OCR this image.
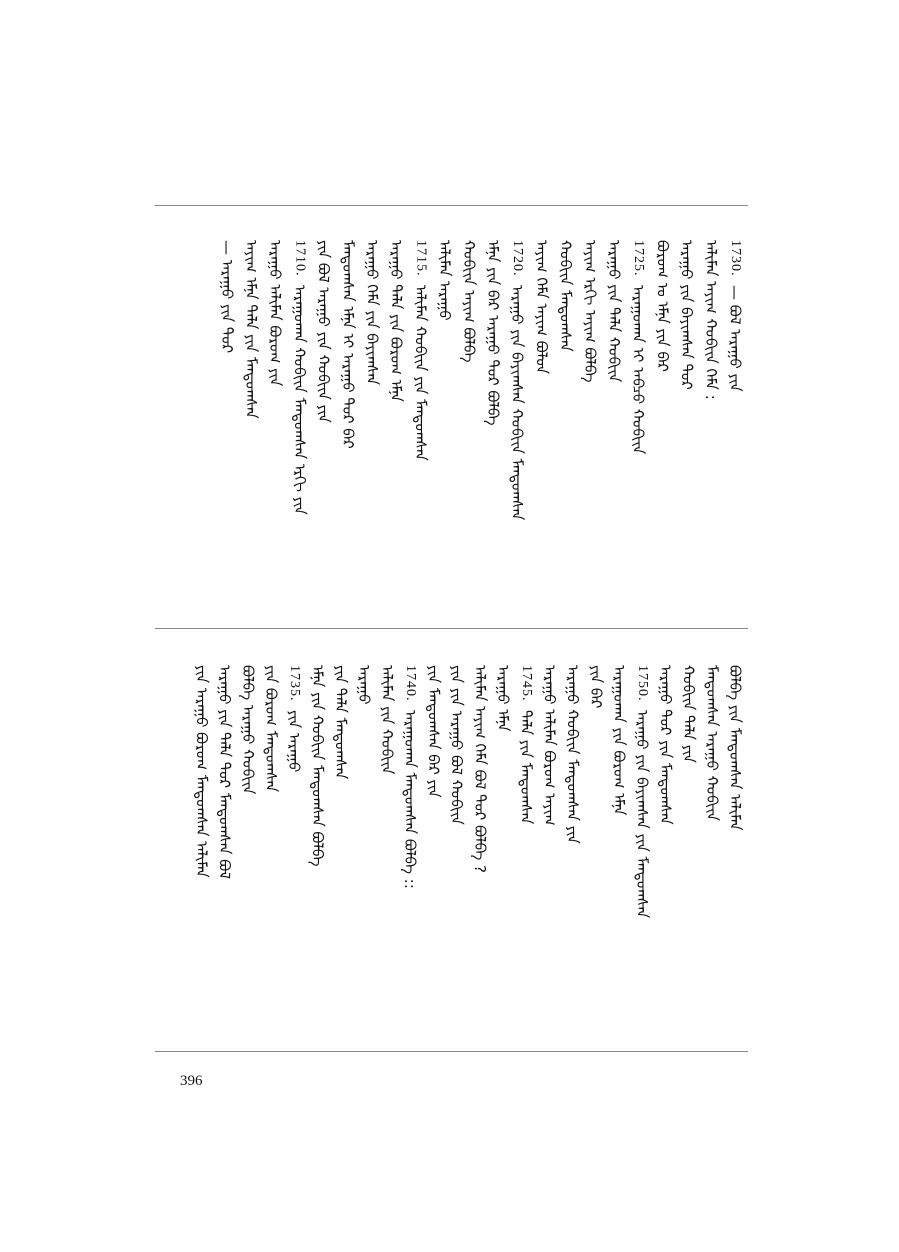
1730. — ᠪᠣᠯ ᠠᠷᠠᠭᠤ ᠶᠢᠨ
ᠠᠯᠢᠮᠠᠨ ᠠᠶᠢᠭ ᠬᠤᠪᠢᠶ᠋ᠠ ᠬᠡᠮᠡ :
ᠠᠷᠠᠭᠤ ᠶᠢᠨ ᠪᠠᠶᠢᠭᠰᠠᠨ ᠲᠤᠷ
ᠪᠤᠷᠤᠭ ᠤ ᠡᠮᠨᠡ ᠶᠢᠨ ᠪᠠᠷ
1725. ᠠᠷᠠᠭᠤᠬᠠᠨ ᠢ ᠠᠪᠴᠤ ᠬᠤᠪᠢᠶ᠋ᠠ
ᠠᠷᠠᠭᠤ ᠶᠢᠨ ᠲᠠᠯᠠ ᠬᠤᠪᠢᠶ᠋ᠠ
ᠠᠶᠢᠭ ᠡᠷᠬᠢ ᠠᠶᠢᠭ ᠪᠤᠯᠪᠠ
ᠬᠤᠪᠢᠶ᠋ᠠ ᠮᠠᠨᠳᠤᠭᠰᠠᠨ
ᠠᠶᠢᠭ ᠬᠡᠮᠡ ᠠᠶᠢᠭ ᠪᠣᠯᠤᠨ
1720. ᠠᠷᠠᠭᠤ ᠶᠢᠨ ᠪᠠᠶᠢᠭᠰᠠᠨ ᠬᠤᠪᠢᠶ᠋ᠠ ᠮᠠᠨᠳᠤᠭᠰᠠᠨ
ᠡᠮᠨᠡ ᠶᠢᠨ ᠪᠠᠷ ᠠᠷᠠᠭᠤ ᠲᠤᠷ ᠪᠤᠯᠪᠠ
ᠬᠤᠪᠢᠶ᠋ᠠ ᠠᠶᠢᠭ ᠪᠣᠯᠪᠠ
ᠠᠯᠢᠮᠠᠨ ᠠᠷᠠᠭᠤ
1715. ᠠᠯᠢᠮᠠᠨ ᠬᠤᠪᠢᠶ᠋ᠠ ᠶᠢᠨ ᠮᠠᠨᠳᠤᠭᠰᠠᠨ
ᠠᠷᠠᠭᠤ ᠲᠠᠯᠠ ᠶᠢᠨ ᠪᠤᠷᠤᠭ ᠡᠮᠨᠡ
ᠠᠷᠠᠭᠤ ᠬᠡᠮᠡ ᠶᠢᠨ ᠪᠠᠶᠢᠭᠰᠠᠨ
ᠮᠠᠨᠳᠤᠭᠰᠠᠨ ᠡᠮᠨᠡ ᠢ ᠠᠷᠠᠭᠤ ᠲᠤᠷ ᠪᠠᠷ
ᠶᠢᠨ ᠪᠣᠯ ᠠᠷᠠᠭᠤ ᠶᠢᠨ ᠬᠤᠪᠢᠶ᠋ᠠ ᠶᠢᠨ
1710. ᠠᠷᠠᠭᠤᠬᠠᠨ ᠬᠤᠪᠢᠶ᠋ᠠ ᠮᠠᠨᠳᠤᠭᠰᠠᠨ ᠡᠷᠬᠢ ᠶᠢᠨ
ᠠᠷᠠᠭᠤ ᠠᠯᠢᠮᠠᠨ ᠪᠤᠷᠤᠭ ᠶᠢᠨ
ᠠᠶᠢᠭ ᠡᠮᠨᠡ ᠲᠠᠯᠠ ᠶᠢᠨ ᠮᠠᠨᠳᠤᠭᠰᠠᠨ
— ᠠᠷᠠᠭᠤ ᠶᠢᠨ ᠲᠤᠷ
ᠪᠣᠯᠪᠠ ᠶᠢᠨ ᠮᠠᠨᠳᠤᠭᠰᠠᠨ ᠠᠯᠢᠮᠠᠨ
ᠮᠠᠨᠳᠤᠭᠰᠠᠨ ᠠᠷᠠᠭᠤ ᠬᠤᠪᠢᠶ᠋ᠠ
ᠬᠤᠪᠢᠶ᠋ᠠ ᠲᠠᠯᠠ ᠶᠢᠨ
ᠠᠷᠠᠭᠤ ᠲᠤᠷ ᠶᠢᠨ ᠮᠠᠨᠳᠤᠭᠰᠠᠨ
1750. ᠠᠷᠠᠭᠤ ᠶᠢᠨ ᠪᠠᠶᠢᠭᠰᠠᠨ ᠶᠢᠨ ᠮᠠᠨᠳᠤᠭᠰᠠᠨ
ᠠᠷᠠᠭᠤᠬᠠᠨ ᠶᠢᠨ ᠪᠤᠷᠤᠭ ᠡᠮᠨᠡ
ᠶᠢᠨ ᠪᠠᠷ
ᠠᠷᠠᠭᠤ ᠬᠤᠪᠢᠶ᠋ᠠ ᠮᠠᠨᠳᠤᠭᠰᠠᠨ ᠶᠢᠨ
ᠠᠷᠠᠭᠤ ᠠᠯᠢᠮᠠᠨ ᠪᠤᠷᠤᠭ ᠠᠶᠢᠭ
1745. ᠲᠠᠯᠠ ᠶᠢᠨ ᠮᠠᠨᠳᠤᠭᠰᠠᠨ
ᠠᠷᠠᠭᠤ ᠡᠮᠨᠡ
ᠠᠯᠢᠮᠠᠨ ᠠᠶᠢᠭ ᠬᠡᠮᠡ ᠪᠣᠯ ᠲᠤᠷ ᠪᠣᠯᠪᠠ ?
ᠶᠢᠨ ᠶᠢᠨ ᠠᠷᠠᠭᠤ ᠪᠣᠯ ᠬᠤᠪᠢᠶ᠋ᠠ
ᠶᠢᠨ ᠮᠠᠨᠳᠤᠭᠰᠠᠨ ᠪᠠᠷ ᠶᠢᠨ
1740. ᠠᠷᠠᠭᠤᠬᠠᠨ ᠮᠠᠨᠳᠤᠭᠰᠠᠨ ᠪᠣᠯᠪᠠ ::
ᠠᠯᠢᠮᠠᠨ ᠶᠢᠨ ᠬᠤᠪᠢᠶ᠋ᠠ
ᠠᠷᠠᠭᠤ
ᠶᠢᠨ ᠲᠠᠯᠠ ᠮᠠᠨᠳᠤᠭᠰᠠᠨ
ᠡᠮᠨᠡ ᠶᠢᠨ ᠬᠤᠪᠢᠶ᠋ᠠ ᠮᠠᠨᠳᠤᠭᠰᠠᠨ ᠪᠣᠯᠪᠠ
1735. ᠶᠢᠨ ᠠᠷᠠᠭᠤ
ᠶᠢᠨ ᠪᠤᠷᠤᠭ ᠮᠠᠨᠳᠤᠭᠰᠠᠨ
ᠪᠤᠯᠪᠠ ᠠᠷᠠᠭᠤ ᠬᠤᠪᠢᠶ᠋ᠠ
ᠠᠷᠠᠭᠤ ᠶᠢᠨ ᠲᠠᠯᠠ ᠲᠤᠷ ᠮᠠᠨᠳᠤᠭᠰᠠᠨ ᠪᠣᠯ
ᠶᠢᠨ ᠠᠷᠠᠭᠤ ᠪᠤᠷᠤᠭ ᠮᠠᠨᠳᠤᠭᠰᠠᠨ ᠠᠯᠢᠮᠠᠨ
396
